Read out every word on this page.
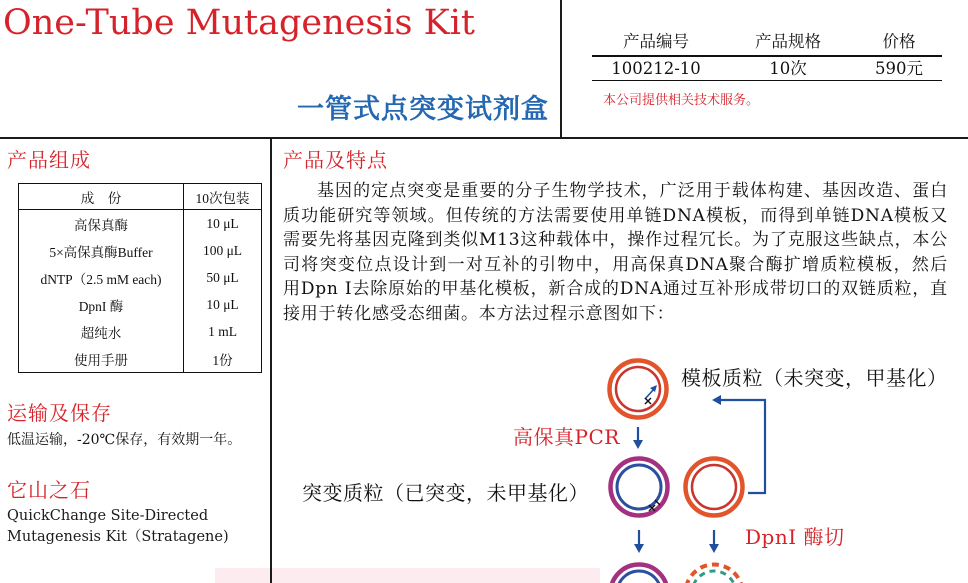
One-Tube Mutagenesis Kit
一管式点突变试剂盒
产品编号	产品规格	价格
100212-10	10次	590元
本公司提供相关技术服务。
产品组成
成　份	10次包装
高保真酶	10 μL
5×高保真酶Buffer	100 μL
dNTP（2.5 mM each)	50 μL
DpnI 酶	10 μL
超纯水	1 mL
使用手册	1份
运输及保存
低温运输，-20℃保存，有效期一年。
它山之石
QuickChange Site-Directed
Mutagenesis Kit（Stratagene)
产品及特点

基因的定点突变是重要的分子生物学技术，广泛用于载体构建、基因改造、蛋白质功能研究等领域。但传统的方法需要使用单链DNA模板，而得到单链DNA模板又需要先将基因克隆到类似M13这种载体中，操作过程冗长。为了克服这些缺点，本公司将突变位点设计到一对互补的引物中，用高保真DNA聚合酶扩增质粒模板，然后用Dpn I去除原始的甲基化模板，新合成的DNA通过互补形成带切口的双链质粒，直接用于转化感受态细菌。本方法过程示意图如下：

模板质粒（未突变，甲基化）
高保真PCR
突变质粒（已突变，未甲基化）
DpnI 酶切
